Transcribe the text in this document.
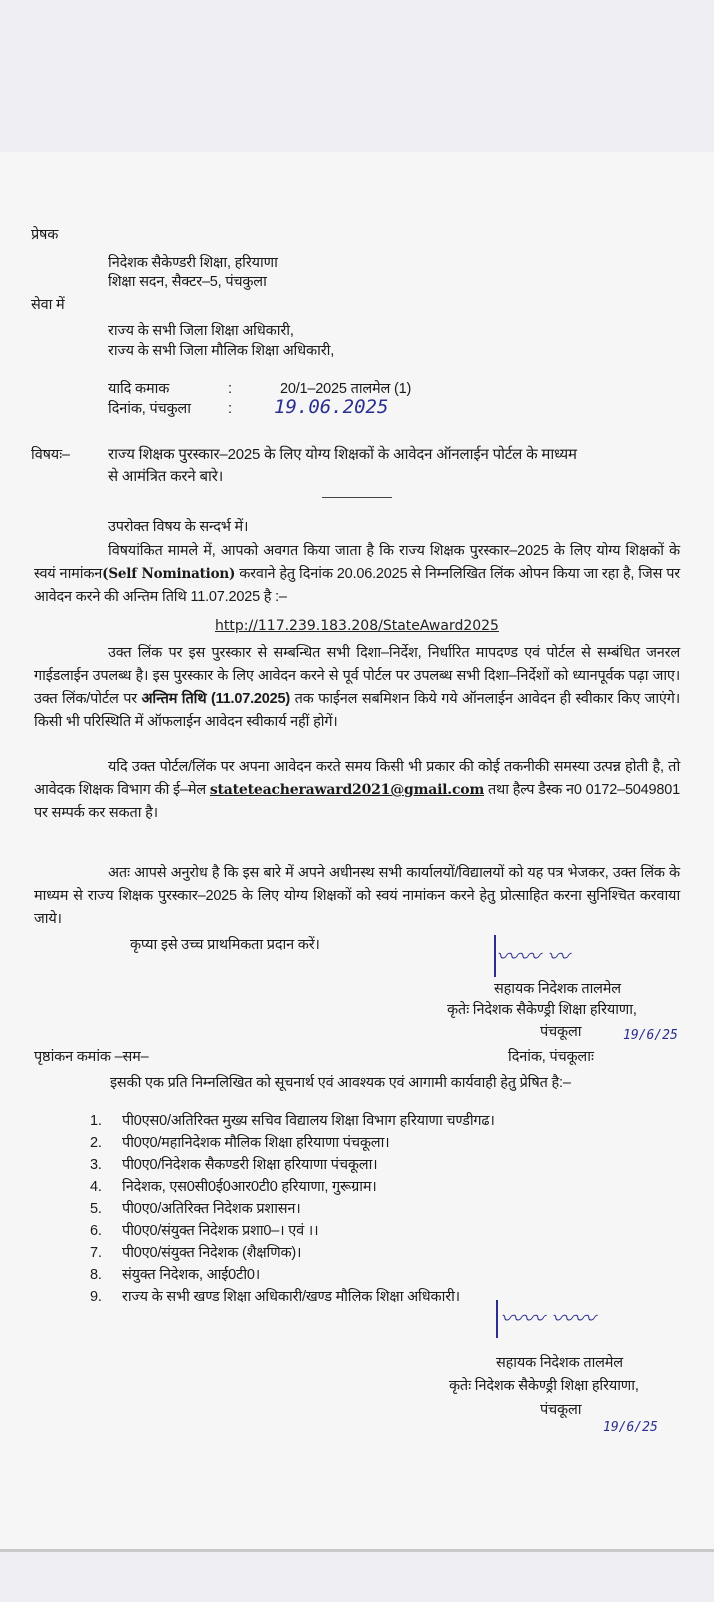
प्रेषक
निदेशक सैकेण्डरी शिक्षा, हरियाणा
शिक्षा सदन, सैक्टर–5, पंचकुला
सेवा में
राज्य के सभी जिला शिक्षा अधिकारी,
राज्य के सभी जिला मौलिक शिक्षा अधिकारी,
यादि कमाक	:	20/1–2025 तालमेल (1)
दिनांक, पंचकुला	: 19.06.2025
विषयः–	राज्य शिक्षक पुरस्कार–2025 के लिए योग्य शिक्षकों के आवेदन ऑनलाईन पोर्टल के माध्यम
से आमंत्रित करने बारे।
उपरोक्त विषय के सन्दर्भ में।
विषयांकित मामले में, आपको अवगत किया जाता है कि राज्य शिक्षक पुरस्कार–2025 के लिए योग्य शिक्षकों के स्वयं नामांकन(Self Nomination) करवाने हेतु दिनांक 20.06.2025 से निम्नलिखित लिंक ओपन किया जा रहा है, जिस पर आवेदन करने की अन्तिम तिथि 11.07.2025 है :–
http://117.239.183.208/StateAward2025
उक्त लिंक पर इस पुरस्कार से सम्बन्धित सभी दिशा–निर्देश, निर्धारित मापदण्ड एवं पोर्टल से सम्बंधित जनरल गाईडलाईन उपलब्ध है। इस पुरस्कार के लिए आवेदन करने से पूर्व पोर्टल पर उपलब्ध सभी दिशा–निर्देशों को ध्यानपूर्वक पढ़ा जाए। उक्त लिंक/पोर्टल पर अन्तिम तिथि (11.07.2025) तक फाईनल सबमिशन किये गये ऑनलाईन आवेदन ही स्वीकार किए जाएंगे। किसी भी परिस्थिति में ऑफलाईन आवेदन स्वीकार्य नहीं होगें।
यदि उक्त पोर्टल/लिंक पर अपना आवेदन करते समय किसी भी प्रकार की कोई तकनीकी समस्या उत्पन्न होती है, तो आवेदक शिक्षक विभाग की ई–मेल stateteacheraward2021@gmail.com तथा हैल्प डैस्क न0 0172–5049801 पर सम्पर्क कर सकता है।
अतः आपसे अनुरोध है कि इस बारे में अपने अधीनस्थ सभी कार्यालयों/विद्यालयों को यह पत्र भेजकर, उक्त लिंक के माध्यम से राज्य शिक्षक पुरस्कार–2025 के लिए योग्य शिक्षकों को स्वयं नामांकन करने हेतु प्रोत्साहित करना सुनिश्चित करवाया जाये।
कृप्या इसे उच्च प्राथमिकता प्रदान करें।	〰〰 〰
सहायक निदेशक तालमेल
कृतेः निदेशक सैकेण्ड्री शिक्षा हरियाणा,
पंचकूला	19/6/25
पृष्ठांकन कमांक –सम–	दिनांक, पंचकूलाः
इसकी एक प्रति निम्नलिखित को सूचनार्थ एवं आवश्यक एवं आगामी कार्यवाही हेतु प्रेषित है:–
1. पी0एस0/अतिरिक्त मुख्य सचिव विद्यालय शिक्षा विभाग हरियाणा चण्डीगढ।
2. पी0ए0/महानिदेशक मौलिक शिक्षा हरियाणा पंचकूला।
3. पी0ए0/निदेशक सैकण्डरी शिक्षा हरियाणा पंचकूला।
4. निदेशक, एस0सी0ई0आर0टी0 हरियाणा, गुरूग्राम।
5. पी0ए0/अतिरिक्त निदेशक प्रशासन।
6. पी0ए0/संयुक्त निदेशक प्रशा0–। एवं ।।
7. पी0ए0/संयुक्त निदेशक (शैक्षणिक)।
8. संयुक्त निदेशक, आई0टी0।
9. राज्य के सभी खण्ड शिक्षा अधिकारी/खण्ड मौलिक शिक्षा अधिकारी।
〰〰 〰〰
सहायक निदेशक तालमेल
कृतेः निदेशक सैकेण्ड्री शिक्षा हरियाणा,
पंचकूला
19/6/25
